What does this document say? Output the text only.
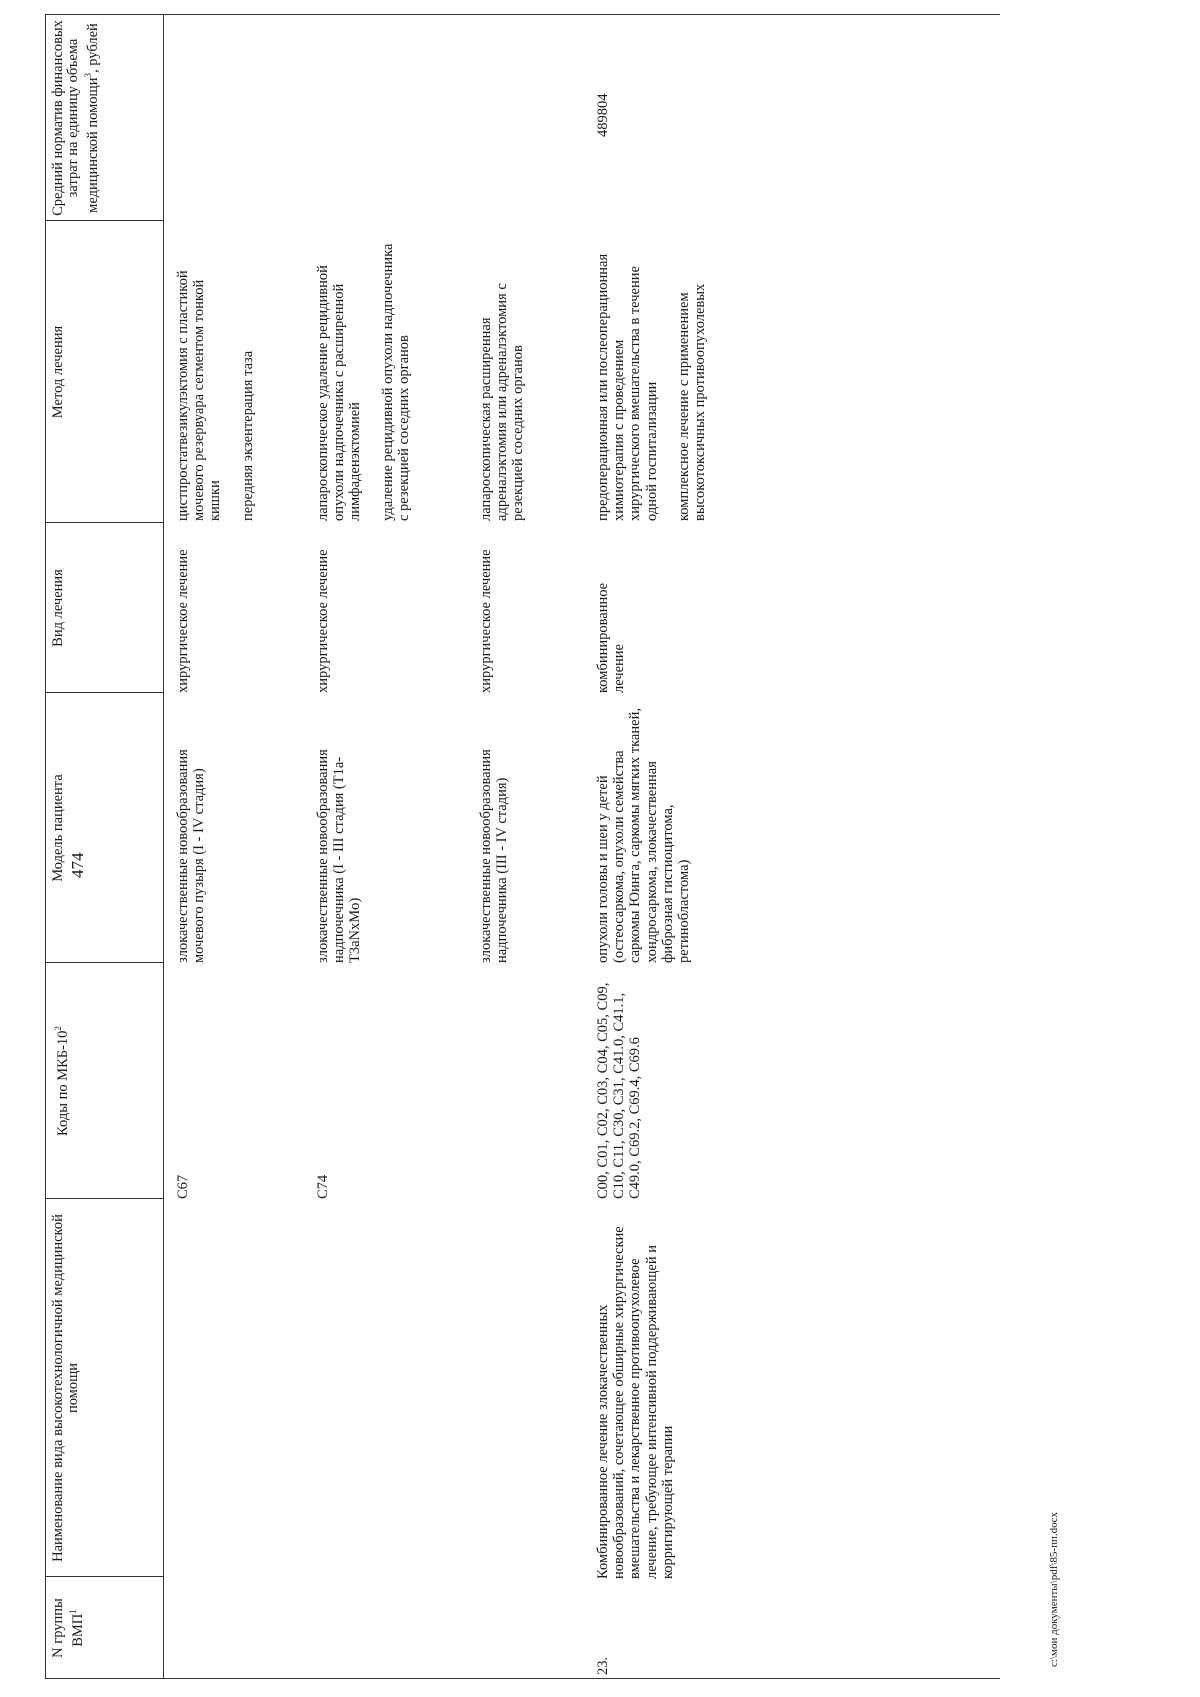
474
N группы ВМП$^1$
Наименование вида высокотехнологичной медицинской помощи
Коды по МКБ-$10^2$
Модель пациента
Вид лечения
Метод лечения
Средний норматив финансовых затрат на единицу объема медицинской помощи$^3$, рублей
C67
злокачественные новообразования мочевого пузыря (I - IV стадия)
хирургическое лечение

цистпростатвезикулэктомия с пластикой мочевого резервуара сегментом тонкой кишки передняя экзентерация таза

C74
злокачественные новообразования надпочечника (I - III стадия (T1a-T3aNxMo)
хирургическое лечение

лапароскопическое удаление рецидивной опухоли надпочечника с расширенной лимфаденэктомией удаление рецидивной опухоли надпочечника с резекцией соседних органов

злокачественные новообразования надпочечника (III - IV стадия)
хирургическое лечение

лапароскопическая расширенная адреналэктомия или адреналэктомия с резекцией соседних органов

23.
Комбинированное лечение злокачественных новообразований, сочетающее обширные хирургические вмешательства и лекарственное противоопухолевое лечение, требующее интенсивной поддерживающей и корригирующей терапии
C00, C01, C02, C03, C04, C05, C09, C10, C11, C30, C31, C41.0, C41.1, C49.0, C69.2, C69.4, C69.6
опухоли головы и шеи у детей (остеосаркома, опухоли семейства саркомы Юинга, саркомы мягких тканей, хондросаркома, злокачественная фиброзная гистиоцитома, ретинобластома)
комбинированное лечение

предоперационная или послеоперационная химиотерапия с проведением хирургического вмешательства в течение одной госпитализации комплексное лечение с применением высокотоксичных противоопухолевых

489804
c:\мои документы\pdf\85-пп.docx
